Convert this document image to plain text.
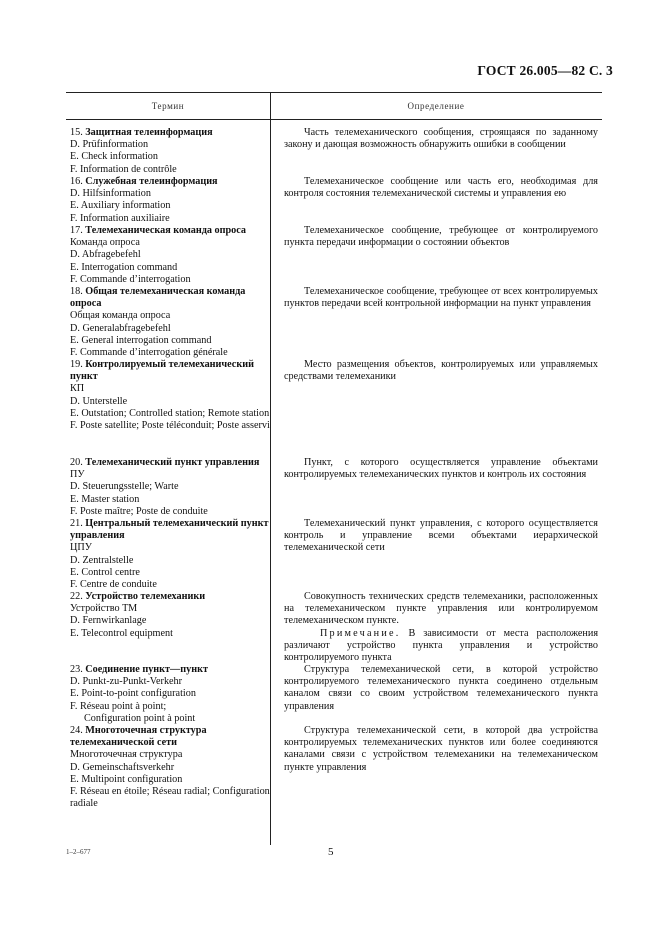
ГОСТ 26.005—82 С. 3
Термин	Определение
15. Защитная телеинформация
D. Prüfinformation
E. Check information
F. Information de contrôle
Часть телемеханического сообщения, строящаяся по заданному закону и дающая возможность обнаружить ошибки в сообщении
16. Служебная телеинформация
D. Hilfsinformation
E. Auxiliary information
F. Information auxiliaire
Телемеханическое сообщение или часть его, необходимая для контроля состояния телемеханической системы и управления ею
17. Телемеханическая команда опроса
Команда опроса
D. Abfragebefehl
E. Interrogation command
F. Commande d’interrogation
Телемеханическое сообщение, требующее от контролируемого пункта передачи информации о состоянии объектов
18. Общая телемеханическая команда опроса
Общая команда опроса
D. Generalabfragebefehl
E. General interrogation command
F. Commande d’interrogation générale
Телемеханическое сообщение, требующее от всех контролируемых пунктов передачи всей контрольной информации на пункт управления
19. Контролируемый телемеханический пункт
КП
D. Unterstelle
E. Outstation; Controlled station; Remote station
F. Poste satellite; Poste téléconduit; Poste asservi
Место размещения объектов, контролируемых или управляемых средствами телемеханики
20. Телемеханический пункт управления
ПУ
D. Steuerungsstelle; Warte
E. Master station
F. Poste maître; Poste de conduite
Пункт, с которого осуществляется управление объектами контролируемых телемеханических пунктов и контроль их состояния
21. Центральный телемеханический пункт управления
ЦПУ
D. Zentralstelle
E. Control centre
F. Centre de conduite
Телемеханический пункт управления, с которого осуществляется контроль и управление всеми объектами иерархической телемеханической сети
22. Устройство телемеханики
Устройство ТМ
D. Fernwirkanlage
E. Telecontrol equipment
Совокупность технических средств телемеханики, расположенных на телемеханическом пункте управления или контролируемом телемеханическом пункте.
Примечание. В зависимости от места расположения различают устройство пункта управления и устройство контролируемого пункта
23. Соединение пункт—пункт
D. Punkt-zu-Punkt-Verkehr
E. Point-to-point configuration
F. Réseau point à point;
Configuration point à point
Структура телемеханической сети, в которой устройство контролируемого телемеханического пункта соединено отдельным каналом связи со своим устройством телемеханического пункта управления
24. Многоточечная структура телемеханической сети
Многоточечная структура
D. Gemeinschaftsverkehr
E. Multipoint configuration
F. Réseau en étoile; Réseau radial; Configuration radiale
Структура телемеханической сети, в которой два устройства контролируемых телемеханических пунктов или более соединяются каналами связи с устройством телемеханики на телемеханическом пункте управления
1–2–677	5
